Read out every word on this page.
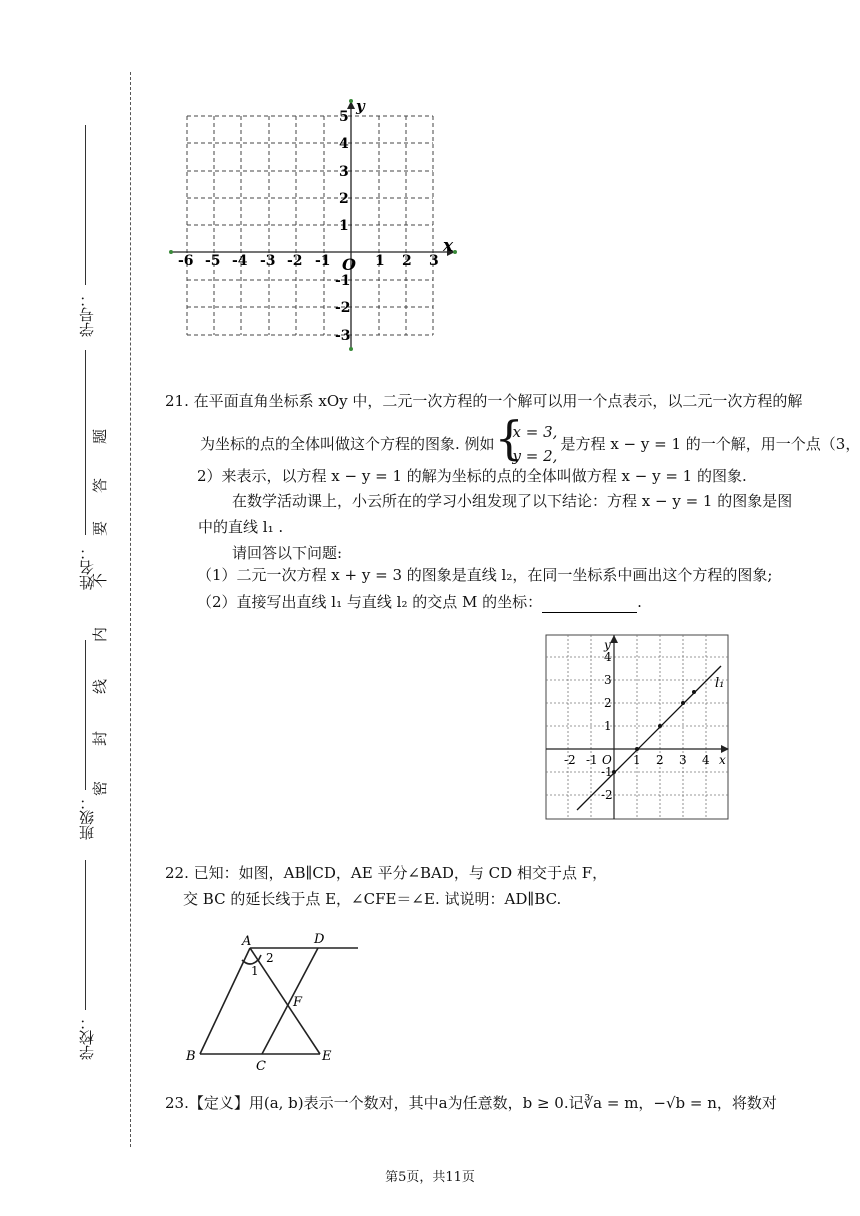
学号：
姓名：
班级：
学校：
密
封
线
内
不
要
答
题
-6 -5 -4 -3 -2 -1	1 2 3
5
4
3
2
1
-1
-2
-3
O
x
y
21. 在平面直角坐标系 xOy 中，二元一次方程的一个解可以用一个点表示，以二元一次方程的解
为坐标的点的全体叫做这个方程的图象. 例如 {
x = 3,
y = 2,
是方程 x − y = 1 的一个解，用一个点（3，
2）来表示，以方程 x − y = 1 的解为坐标的点的全体叫做方程 x − y = 1 的图象.
在数学活动课上，小云所在的学习小组发现了以下结论：方程 x − y = 1 的图象是图
中的直线 l₁ .
请回答以下问题:
（1）二元一次方程 x + y = 3 的图象是直线 l₂，在同一坐标系中画出这个方程的图象;
（2）直接写出直线 l₁ 与直线 l₂ 的交点 M 的坐标：	.
-2 -1	1 2 3 4
4
3
2
1
-1
-2
O	x
y
l₁
22. 已知：如图，AB∥CD，AE 平分∠BAD，与 CD 相交于点 F，
交 BC 的延长线于点 E，∠CFE＝∠E. 试说明：AD∥BC.
A	D
B
C
E
F
1
2
23.【定义】用(a, b)表示一个数对，其中a为任意数，b ≥ 0.记∛a = m，−√b = n，将数对
第5页，共11页
